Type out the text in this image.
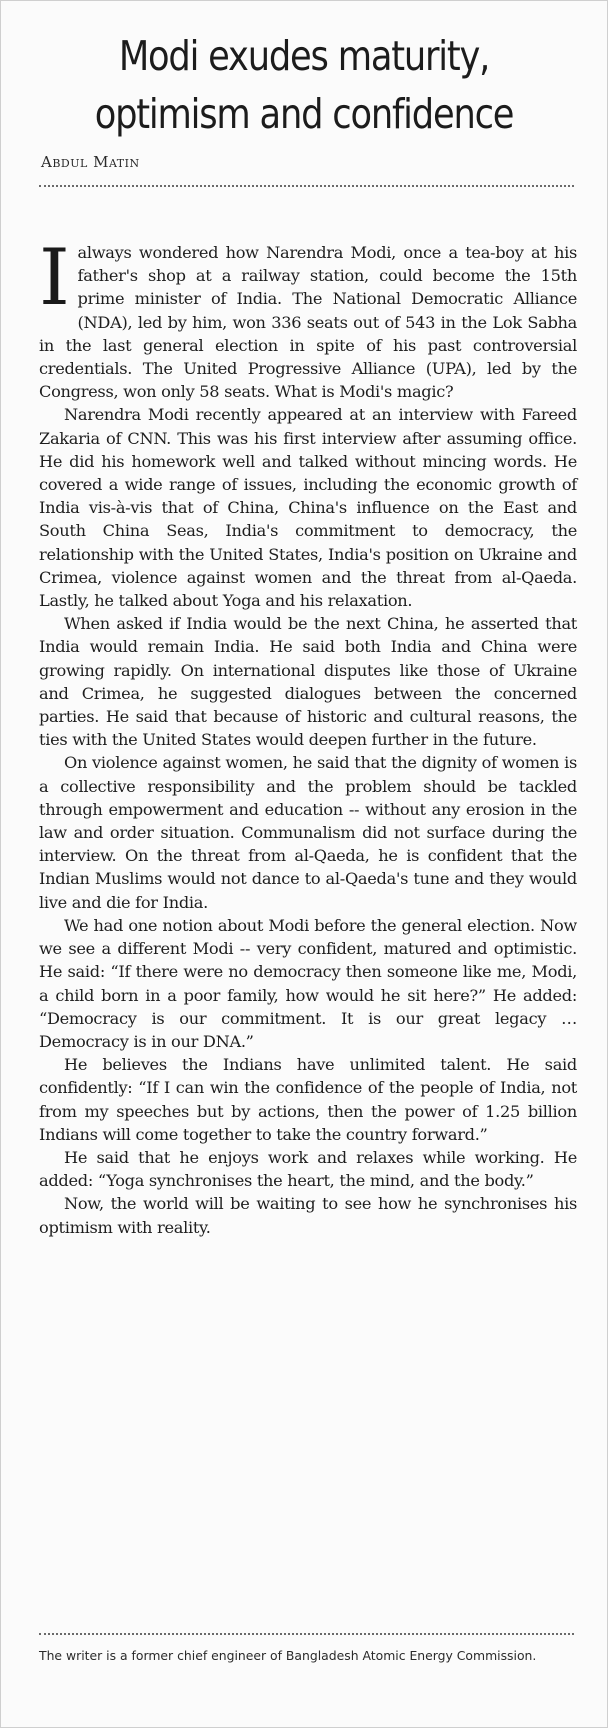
Modi exudes maturity,
optimism and confidence
Abdul Matin

Ialways wondered how Narendra Modi, once a tea-boy at his father's shop at a railway station, could become the 15th prime minister of India. The National Democratic Alliance (NDA), led by him, won 336 seats out of 543 in the Lok Sabha in the last general election in spite of his past controversial credentials. The United Progressive Alliance (UPA), led by the Congress, won only 58 seats. What is Modi's magic?

Narendra Modi recently appeared at an interview with Fareed Zakaria of CNN. This was his first interview after assuming office. He did his homework well and talked without mincing words. He covered a wide range of issues, including the economic growth of India vis-à-vis that of China, China's influence on the East and South China Seas, India's commitment to democracy, the relationship with the United States, India's position on Ukraine and Crimea, violence against women and the threat from al-Qaeda. Lastly, he talked about Yoga and his relaxation.

When asked if India would be the next China, he asserted that India would remain India. He said both India and China were growing rapidly. On international disputes like those of Ukraine and Crimea, he suggested dialogues between the concerned parties. He said that because of historic and cultural reasons, the ties with the United States would deepen further in the future.

On violence against women, he said that the dignity of women is a collective responsibility and the problem should be tackled through empowerment and education -- without any erosion in the law and order situation. Communalism did not surface during the interview. On the threat from al-Qaeda, he is confident that the Indian Muslims would not dance to al-Qaeda's tune and they would live and die for India.

We had one notion about Modi before the general election. Now we see a different Modi -- very confident, matured and optimistic. He said: “If there were no democracy then someone like me, Modi, a child born in a poor family, how would he sit here?” He added: “Democracy is our commitment. It is our great legacy … Democracy is in our DNA.”

He believes the Indians have unlimited talent. He said confidently: “If I can win the confidence of the people of India, not from my speeches but by actions, then the power of 1.25 billion Indians will come together to take the country forward.”

He said that he enjoys work and relaxes while working. He added: “Yoga synchronises the heart, the mind, and the body.”

Now, the world will be waiting to see how he synchronises his optimism with reality.

The writer is a former chief engineer of Bangladesh Atomic Energy Commission.
